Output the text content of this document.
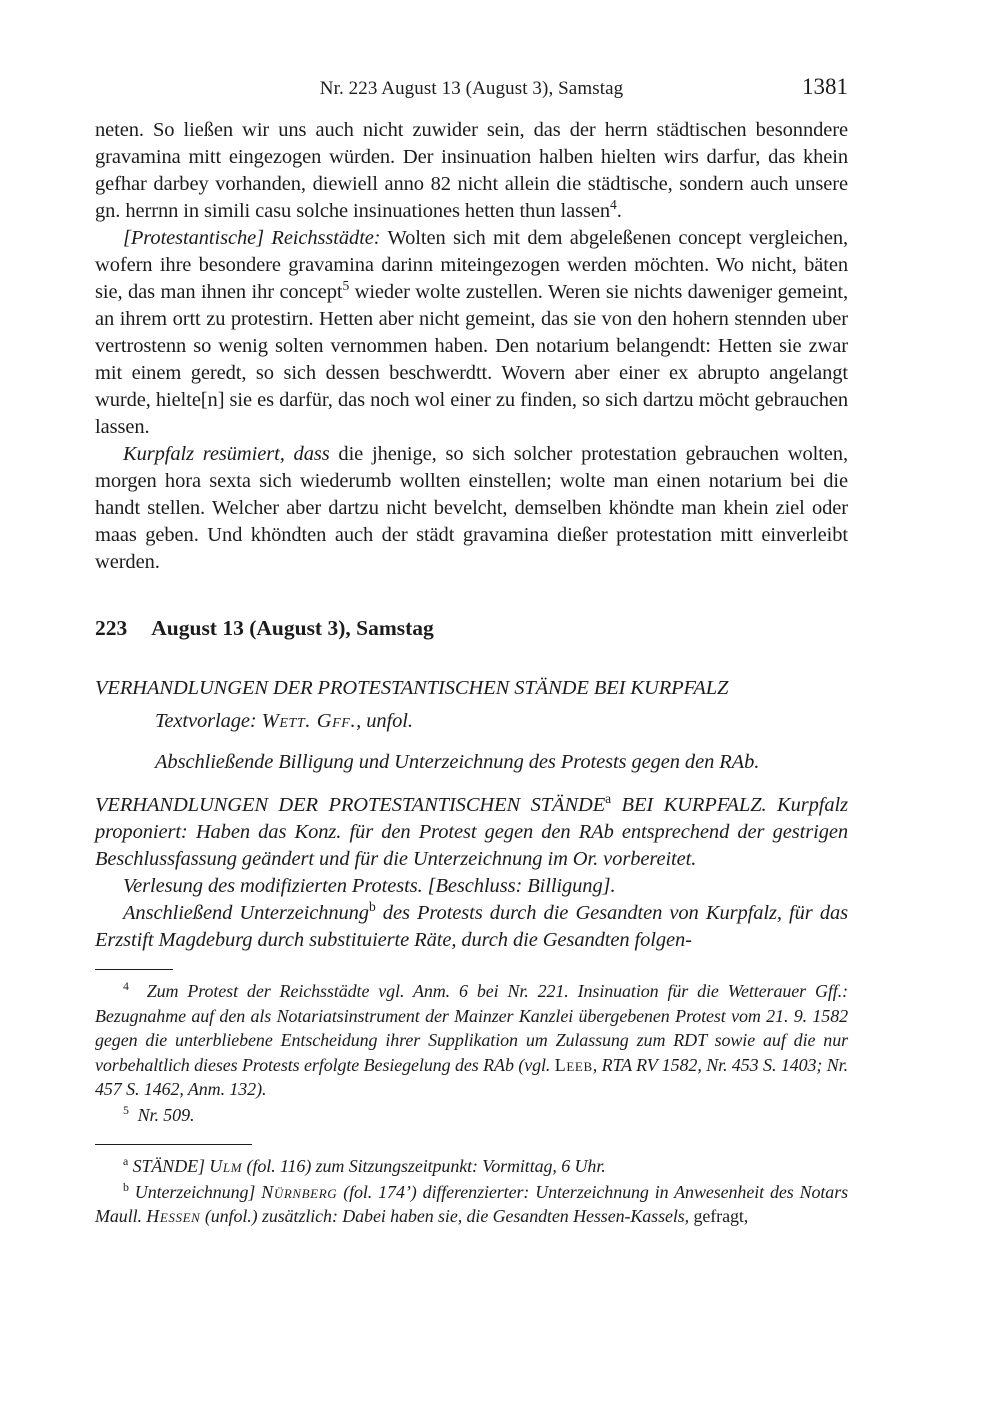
Nr. 223 August 13 (August 3), Samstag	1381

neten. So ließen wir uns auch nicht zuwider sein, das der herrn städtischen besonndere gravamina mitt eingezogen würden. Der insinuation halben hielten wirs darfur, das khein gefhar darbey vorhanden, diewiell anno 82 nicht allein die städtische, sondern auch unsere gn. herrnn in simili casu solche insinuationes hetten thun lassen$^4$.

[Protestantische] Reichsstädte: Wolten sich mit dem abgeleßenen concept vergleichen, wofern ihre besondere gravamina darinn miteingezogen werden möchten. Wo nicht, bäten sie, das man ihnen ihr concept$^5$ wieder wolte zustellen. Weren sie nichts daweniger gemeint, an ihrem ortt zu protestirn. Hetten aber nicht gemeint, das sie von den hohern stennden uber vertrostenn so wenig solten vernommen haben. Den notarium belangendt: Hetten sie zwar mit einem geredt, so sich dessen beschwerdtt. Wovern aber einer ex abrupto angelangt wurde, hielte[n] sie es darfür, das noch wol einer zu finden, so sich dartzu möcht gebrauchen lassen.

Kurpfalz resümiert, dass die jhenige, so sich solcher protestation gebrauchen wolten, morgen hora sexta sich wiederumb wollten einstellen; wolte man einen notarium bei die handt stellen. Welcher aber dartzu nicht bevelcht, demselben khöndte man khein ziel oder maas geben. Und khöndten auch der städt gravamina dießer protestation mitt einverleibt werden.

223 August 13 (August 3), Samstag

VERHANDLUNGEN DER PROTESTANTISCHEN STÄNDE BEI KURPFALZ

Textvorlage: Wett. Gff., unfol.

Abschließende Billigung und Unterzeichnung des Protests gegen den RAb.

VERHANDLUNGEN DER PROTESTANTISCHEN STÄNDE$^a$ BEI KURPFALZ. Kurpfalz proponiert: Haben das Konz. für den Protest gegen den RAb entsprechend der gestrigen Beschlussfassung geändert und für die Unterzeichnung im Or. vorbereitet.

Verlesung des modifizierten Protests. [Beschluss: Billigung].

Anschließend Unterzeichnung$^b$ des Protests durch die Gesandten von Kurpfalz, für das Erzstift Magdeburg durch substituierte Räte, durch die Gesandten folgen-

$^4$ Zum Protest der Reichsstädte vgl. Anm. 6 bei Nr. 221. Insinuation für die Wetterauer Gff.: Bezugnahme auf den als Notariatsinstrument der Mainzer Kanzlei übergebenen Protest vom 21. 9. 1582 gegen die unterbliebene Entscheidung ihrer Supplikation um Zulassung zum RDT sowie auf die nur vorbehaltlich dieses Protests erfolgte Besiegelung des RAb (vgl. Leeb, RTA RV 1582, Nr. 453 S. 1403; Nr. 457 S. 1462, Anm. 132).

$^5$ Nr. 509.

$^a$ STÄNDE] Ulm (fol. 116) zum Sitzungszeitpunkt: Vormittag, 6 Uhr.

$^b$ Unterzeichnung] Nürnberg (fol. 174’) differenzierter: Unterzeichnung in Anwesenheit des Notars Maull. Hessen (unfol.) zusätzlich: Dabei haben sie, die Gesandten Hessen-Kassels, gefragt,
